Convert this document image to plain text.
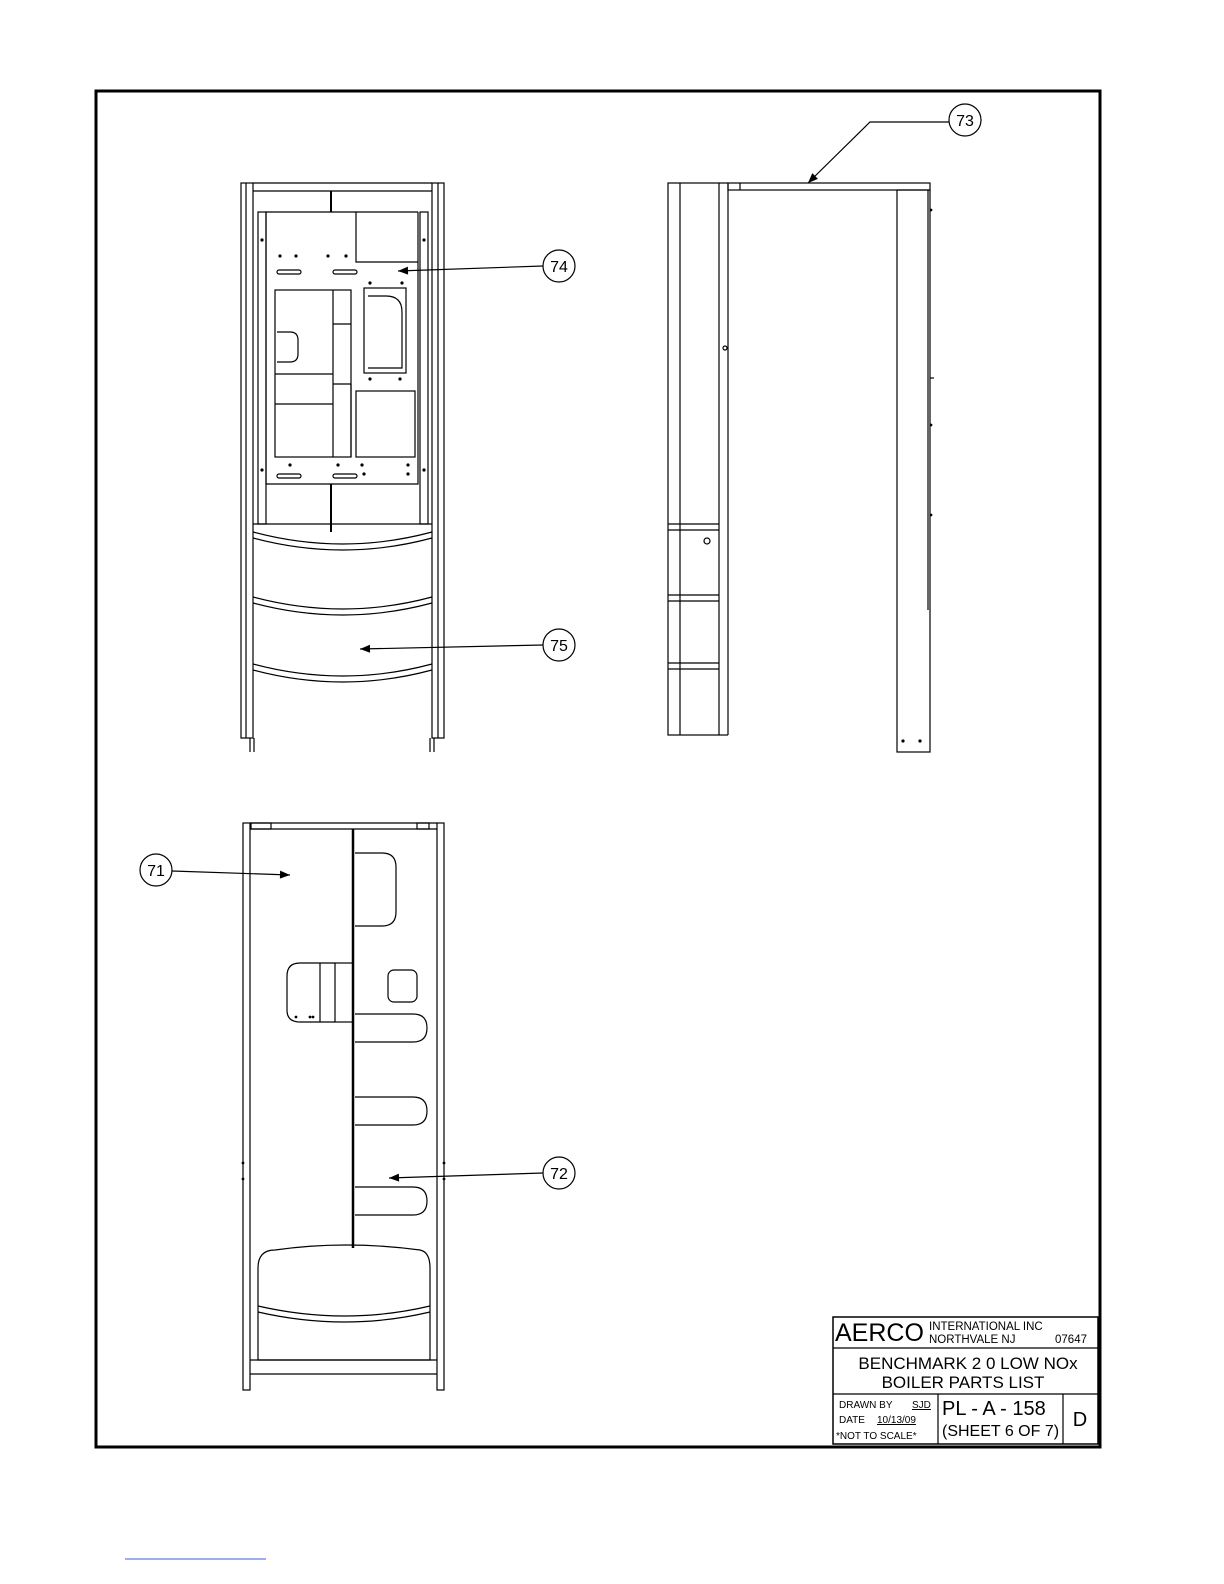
73
74
75
71
72
AERCO INTERNATIONAL INC
NORTHVALE NJ	07647
BENCHMARK 2 0 LOW NOx
BOILER PARTS LIST
DRAWN BY SJD
DATE 10/13/09
*NOT TO SCALE*
PL - A - 158
(SHEET 6 OF 7)
D
